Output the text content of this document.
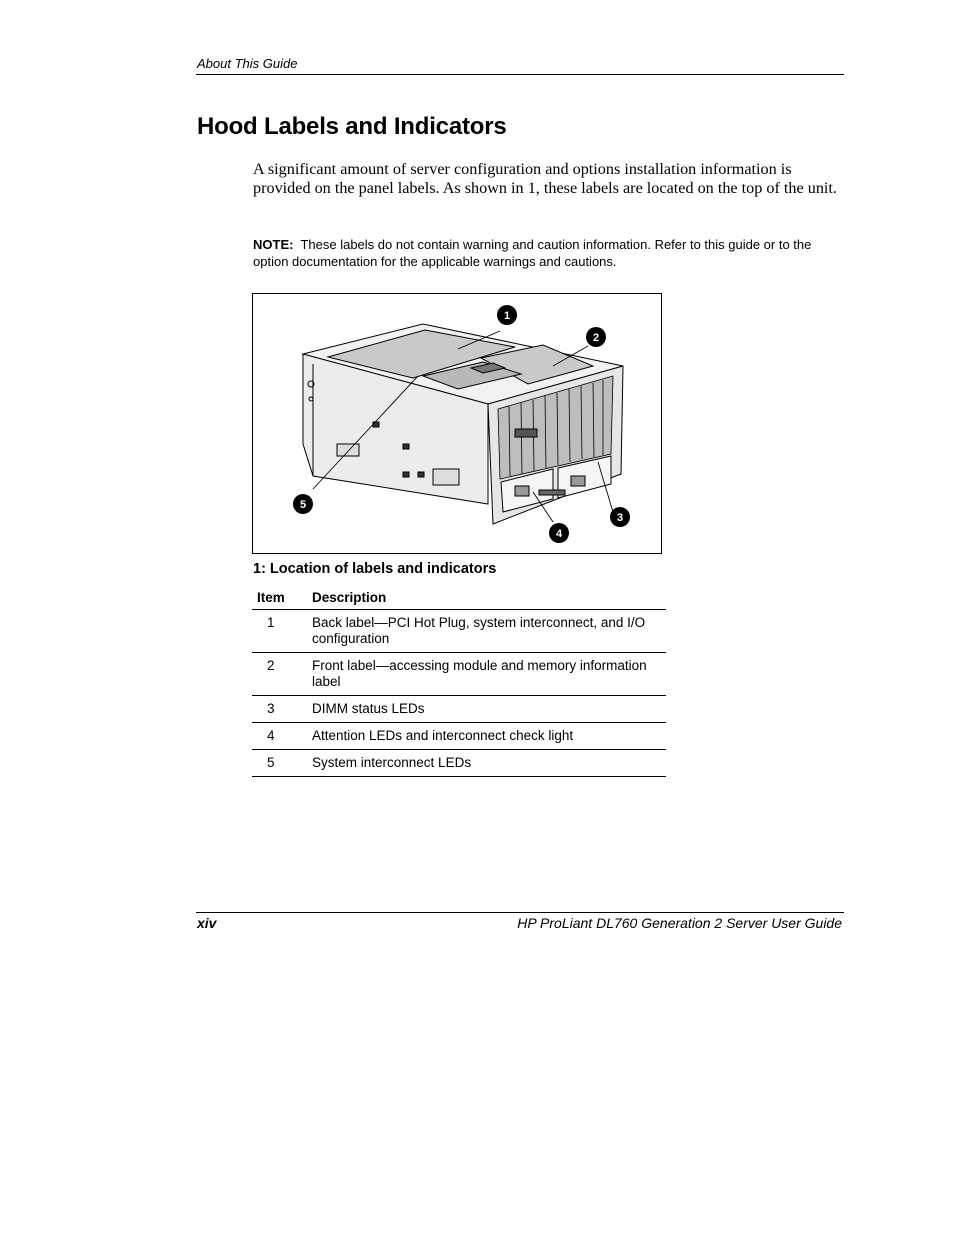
About This Guide
Hood Labels and Indicators

A significant amount of server configuration and options installation information is provided on the panel labels. As shown in 1, these labels are located on the top of the unit.

NOTE: These labels do not contain warning and caution information. Refer to this guide or to the option documentation for the applicable warnings and cautions.

1
2
3
4
5
1: Location of labels and indicators
Item	Description
1	Back label—PCI Hot Plug, system interconnect, and I/O configuration
2	Front label—accessing module and memory information label
3	DIMM status LEDs
4	Attention LEDs and interconnect check light
5	System interconnect LEDs
xiv	HP ProLiant DL760 Generation 2 Server User Guide
